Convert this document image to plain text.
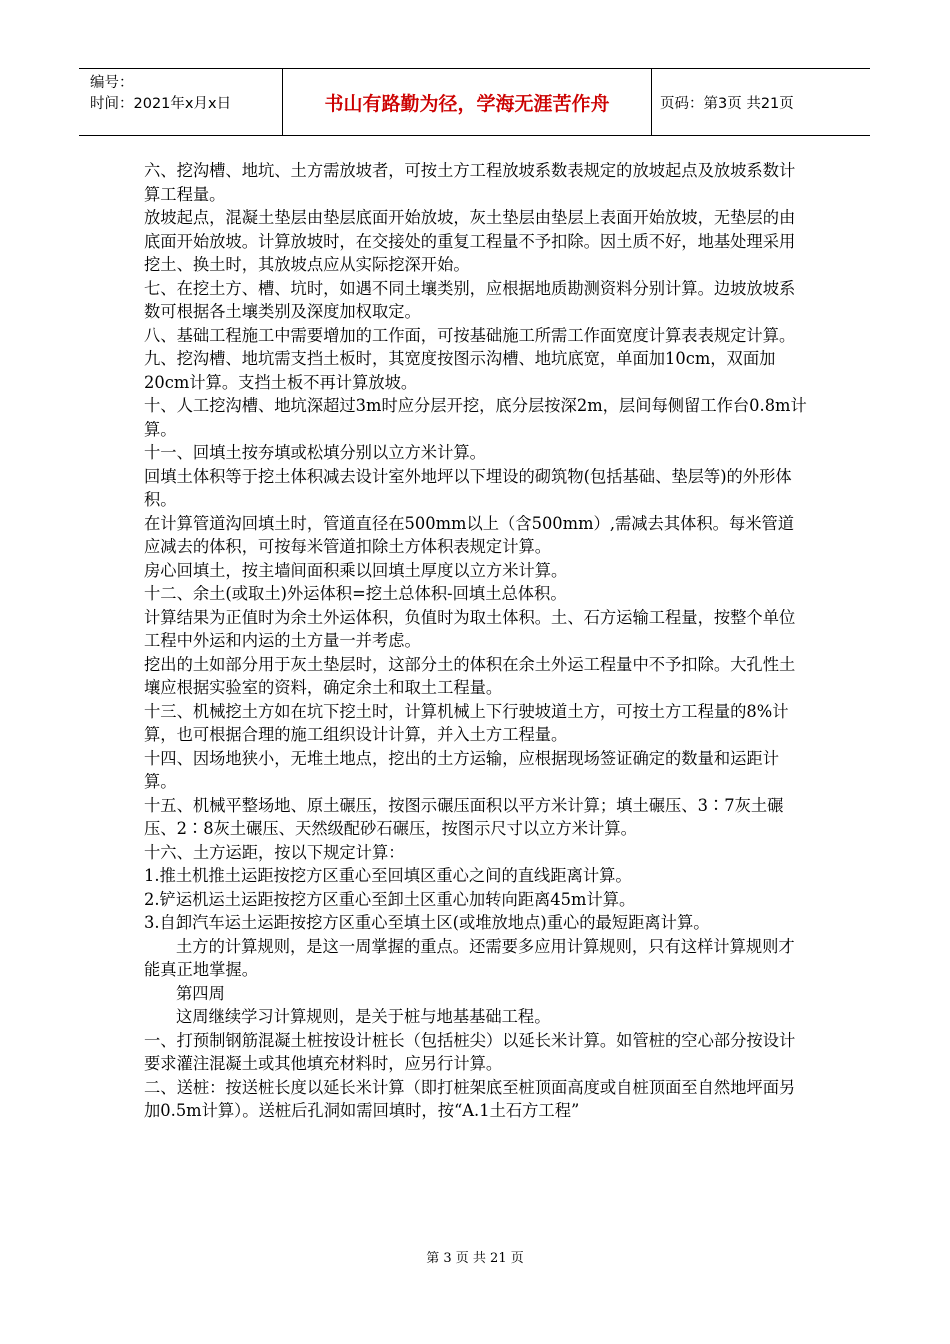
编号：
时间：2021年x月x日	书山有路勤为径，学海无涯苦作舟	页码：第3页 共21页

六、挖沟槽、地坑、土方需放坡者，可按土方工程放坡系数表规定的放坡起点及放坡系数计算工程量。

放坡起点，混凝土垫层由垫层底面开始放坡，灰土垫层由垫层上表面开始放坡，无垫层的由底面开始放坡。计算放坡时，在交接处的重复工程量不予扣除。因土质不好，地基处理采用挖土、换土时，其放坡点应从实际挖深开始。

七、在挖土方、槽、坑时，如遇不同土壤类别，应根据地质勘测资料分别计算。边坡放坡系数可根据各土壤类别及深度加权取定。

八、基础工程施工中需要增加的工作面，可按基础施工所需工作面宽度计算表表规定计算。

九、挖沟槽、地坑需支挡土板时，其宽度按图示沟槽、地坑底宽，单面加10cm，双面加20cm计算。支挡土板不再计算放坡。

十、人工挖沟槽、地坑深超过3m时应分层开挖，底分层按深2m，层间每侧留工作台0.8m计算。

十一、回填土按夯填或松填分别以立方米计算。

回填土体积等于挖土体积减去设计室外地坪以下埋设的砌筑物(包括基础、垫层等)的外形体积。

在计算管道沟回填土时，管道直径在500mm以上（含500mm）,需减去其体积。每米管道应减去的体积，可按每米管道扣除土方体积表规定计算。

房心回填土，按主墙间面积乘以回填土厚度以立方米计算。

十二、余土(或取土)外运体积=挖土总体积-回填土总体积。

计算结果为正值时为余土外运体积，负值时为取土体积。土、石方运输工程量，按整个单位工程中外运和内运的土方量一并考虑。

挖出的土如部分用于灰土垫层时，这部分土的体积在余土外运工程量中不予扣除。大孔性土壤应根据实验室的资料，确定余土和取土工程量。

十三、机械挖土方如在坑下挖土时，计算机械上下行驶坡道土方，可按土方工程量的8%计算，也可根据合理的施工组织设计计算，并入土方工程量。

十四、因场地狭小，无堆土地点，挖出的土方运输，应根据现场签证确定的数量和运距计算。

十五、机械平整场地、原土碾压，按图示碾压面积以平方米计算；填土碾压、3∶7灰土碾压、2∶8灰土碾压、天然级配砂石碾压，按图示尺寸以立方米计算。

十六、土方运距，按以下规定计算：

1.推土机推土运距按挖方区重心至回填区重心之间的直线距离计算。

2.铲运机运土运距按挖方区重心至卸土区重心加转向距离45m计算。

3.自卸汽车运土运距按挖方区重心至填土区(或堆放地点)重心的最短距离计算。

土方的计算规则，是这一周掌握的重点。还需要多应用计算规则，只有这样计算规则才能真正地掌握。

第四周

这周继续学习计算规则，是关于桩与地基基础工程。

一、打预制钢筋混凝土桩按设计桩长（包括桩尖）以延长米计算。如管桩的空心部分按设计要求灌注混凝土或其他填充材料时，应另行计算。

二、送桩：按送桩长度以延长米计算（即打桩架底至桩顶面高度或自桩顶面至自然地坪面另加0.5m计算）。送桩后孔洞如需回填时，按“A.1土石方工程”

第 3 页 共 21 页
